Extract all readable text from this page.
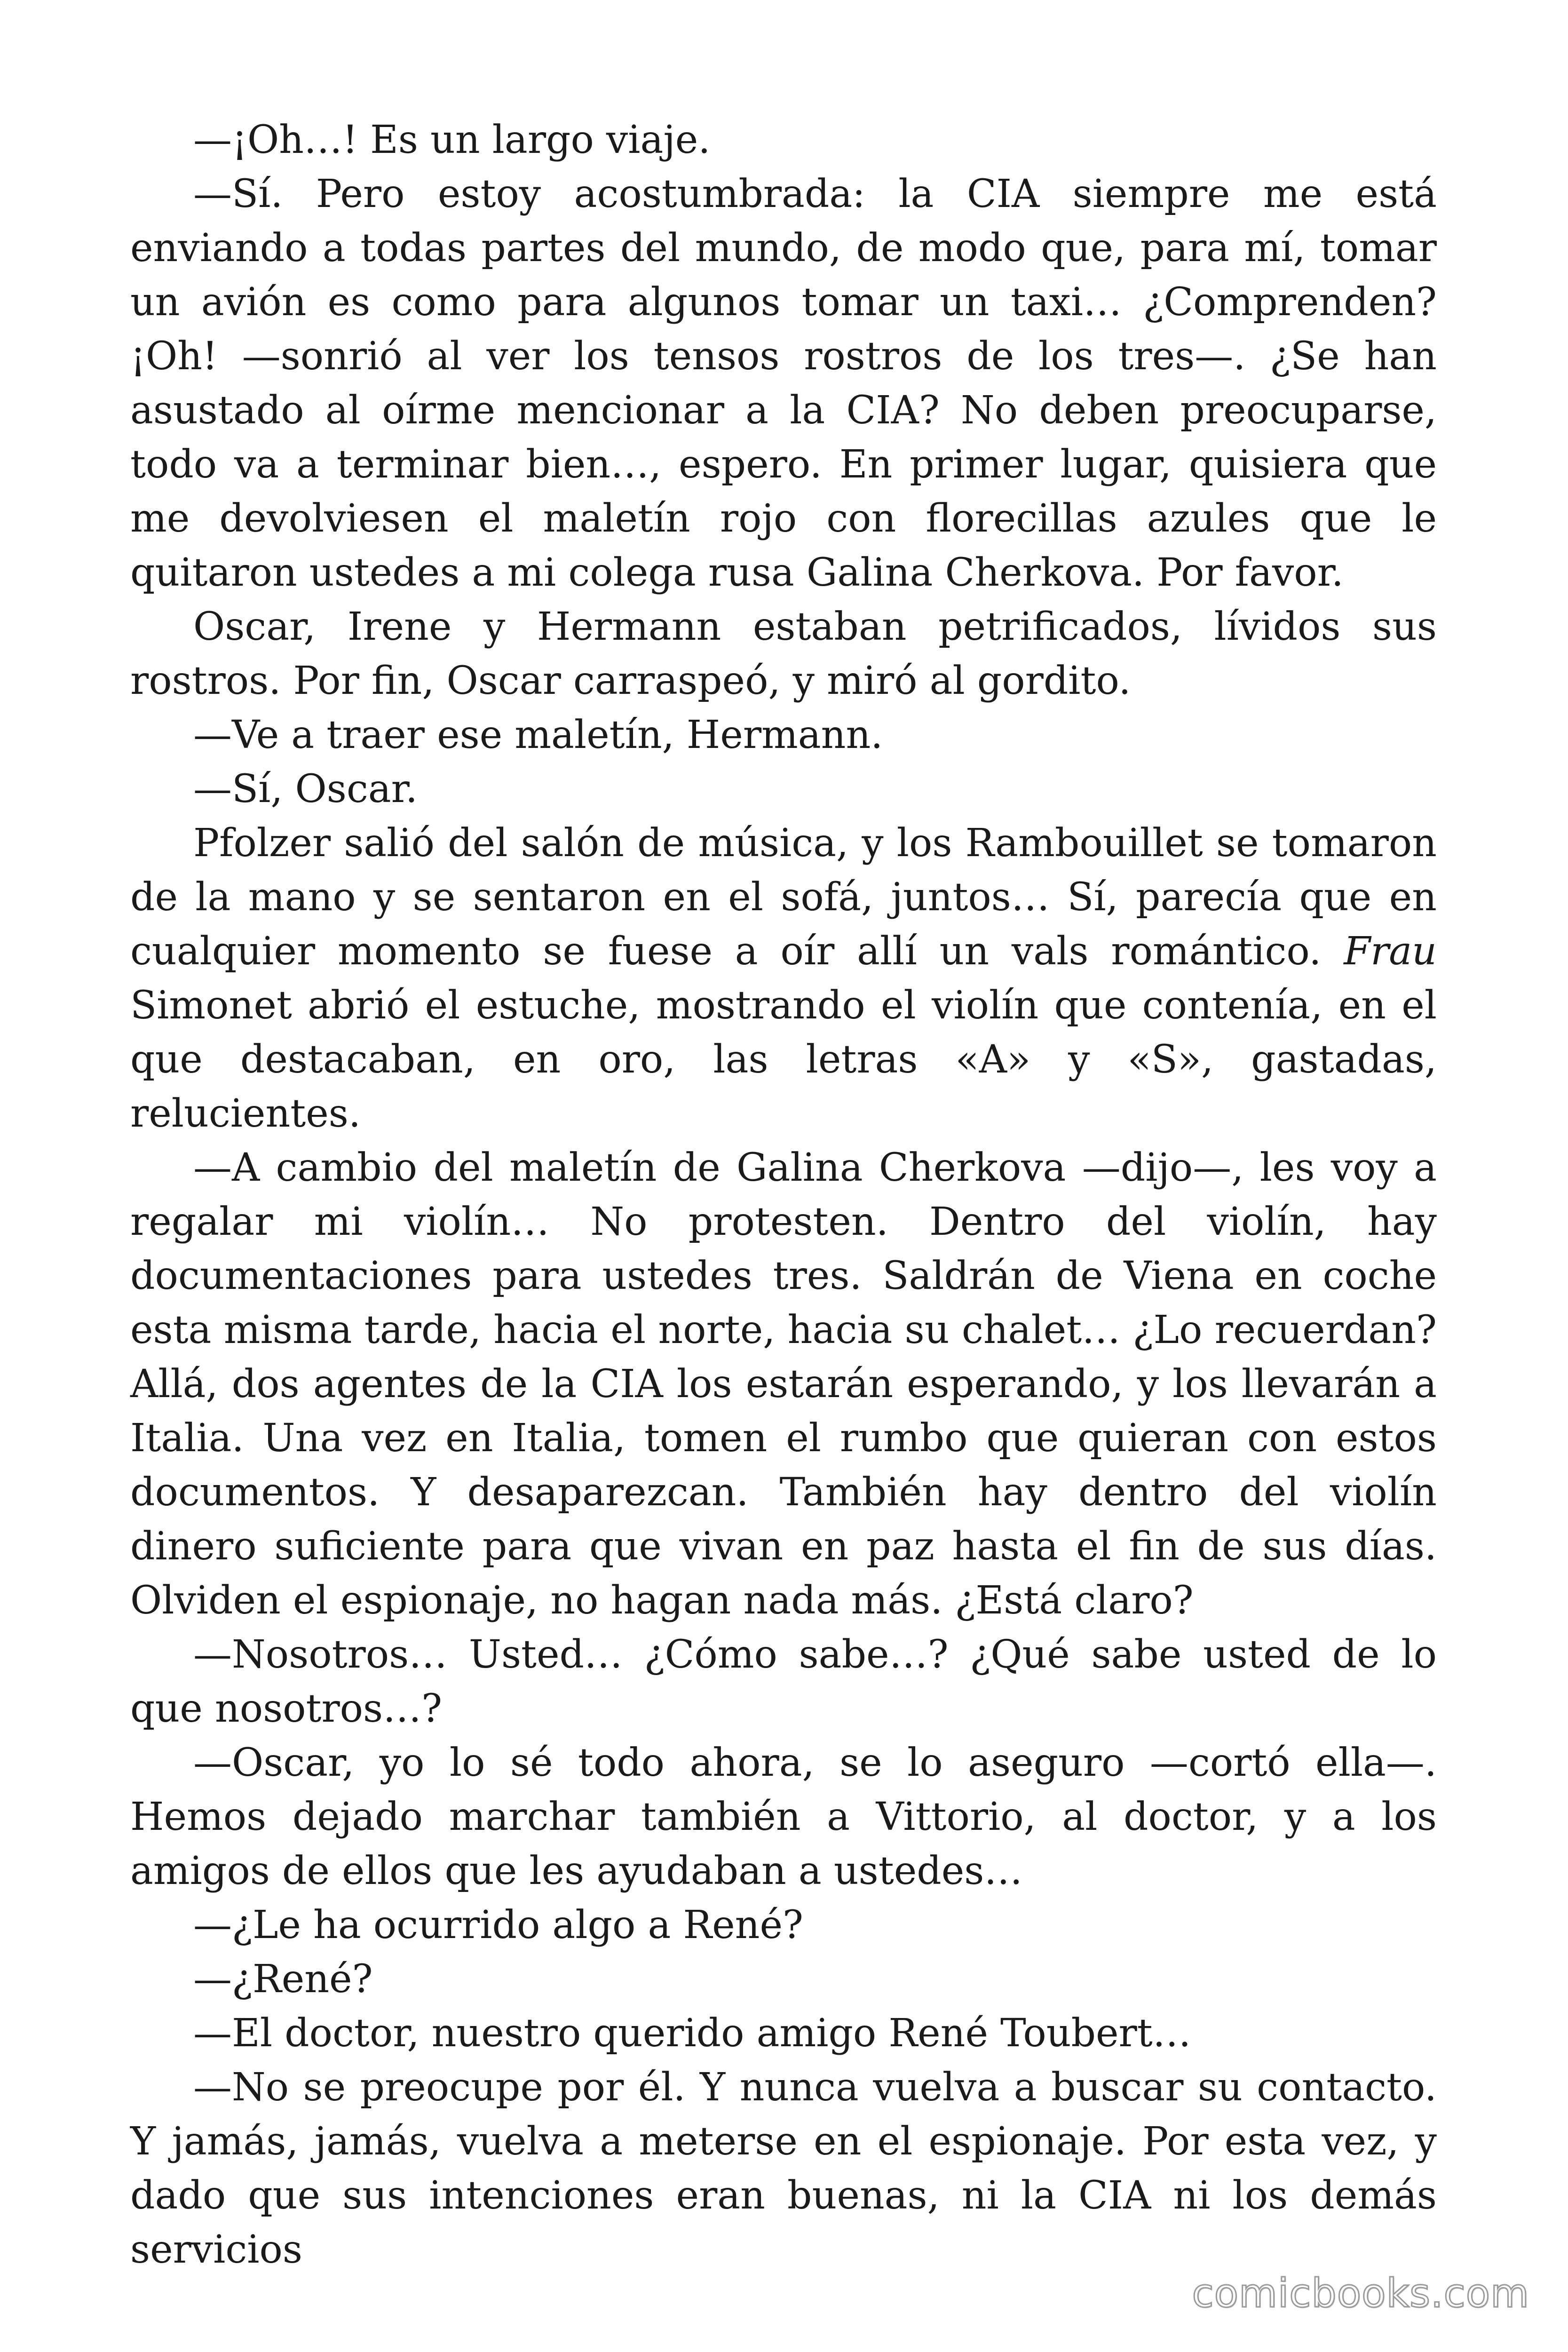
—¡Oh…! Es un largo viaje.

—Sí. Pero estoy acostumbrada: la CIA siempre me está enviando a todas partes del mundo, de modo que, para mí, tomar un avión es como para algunos tomar un taxi… ¿Comprenden? ¡Oh! —sonrió al ver los tensos rostros de los tres—. ¿Se han asustado al oírme mencionar a la CIA? No deben preocuparse, todo va a terminar bien…, espero. En primer lugar, quisiera que me devolviesen el maletín rojo con florecillas azules que le quitaron ustedes a mi colega rusa Galina Cherkova. Por favor.

Oscar, Irene y Hermann estaban petrificados, lívidos sus rostros. Por fin, Oscar carraspeó, y miró al gordito.

—Ve a traer ese maletín, Hermann.

—Sí, Oscar.

Pfolzer salió del salón de música, y los Rambouillet se tomaron de la mano y se sentaron en el sofá, juntos… Sí, parecía que en cualquier momento se fuese a oír allí un vals romántico. Frau Simonet abrió el estuche, mostrando el violín que contenía, en el que destacaban, en oro, las letras «A» y «S», gastadas, relucientes.

—A cambio del maletín de Galina Cherkova —dijo—, les voy a regalar mi violín… No protesten. Dentro del violín, hay documentaciones para ustedes tres. Saldrán de Viena en coche esta misma tarde, hacia el norte, hacia su chalet… ¿Lo recuerdan? Allá, dos agentes de la CIA los estarán esperando, y los llevarán a Italia. Una vez en Italia, tomen el rumbo que quieran con estos documentos. Y desaparezcan. También hay dentro del violín dinero suficiente para que vivan en paz hasta el fin de sus días. Olviden el espionaje, no hagan nada más. ¿Está claro?

—Nosotros… Usted… ¿Cómo sabe…? ¿Qué sabe usted de lo que nosotros…?

—Oscar, yo lo sé todo ahora, se lo aseguro —cortó ella—. Hemos dejado marchar también a Vittorio, al doctor, y a los amigos de ellos que les ayudaban a ustedes…

—¿Le ha ocurrido algo a René?

—¿René?

—El doctor, nuestro querido amigo René Toubert…

—No se preocupe por él. Y nunca vuelva a buscar su contacto. Y jamás, jamás, vuelva a meterse en el espionaje. Por esta vez, y dado que sus intenciones eran buenas, ni la CIA ni los demás servicios

comicbooks.com
